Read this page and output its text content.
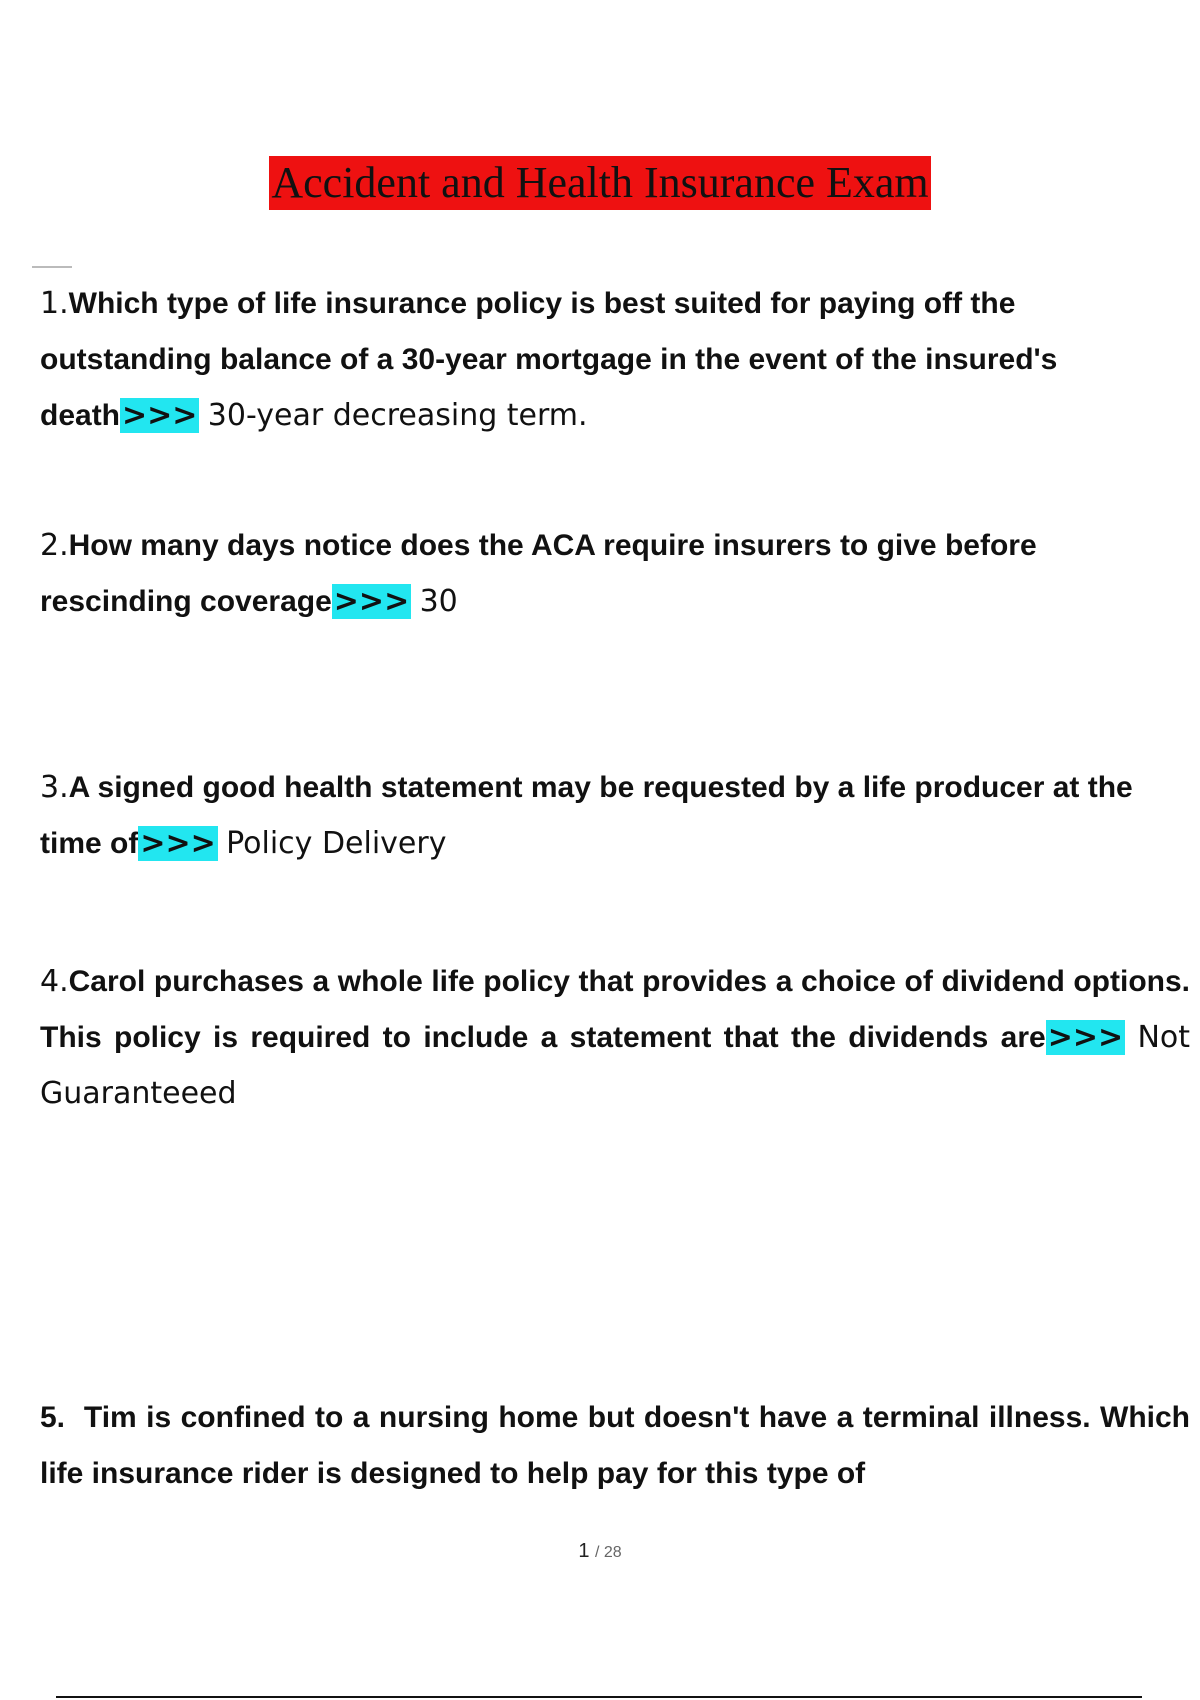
Accident and Health Insurance Exam
1.Which type of life insurance policy is best suited for paying off the outstanding balance of a 30-year mortgage in the event of the insured's death>>> 30-year decreasing term.
2.How many days notice does the ACA require insurers to give before rescinding coverage>>> 30
3.A signed good health statement may be requested by a life producer at the time of>>> Policy Delivery
4.Carol purchases a whole life policy that provides a choice of dividend options. This policy is required to include a statement that the dividends are>>> Not Guaranteeed
5. Tim is confined to a nursing home but doesn't have a terminal illness. Which life insurance rider is designed to help pay for this type of
1 / 28
